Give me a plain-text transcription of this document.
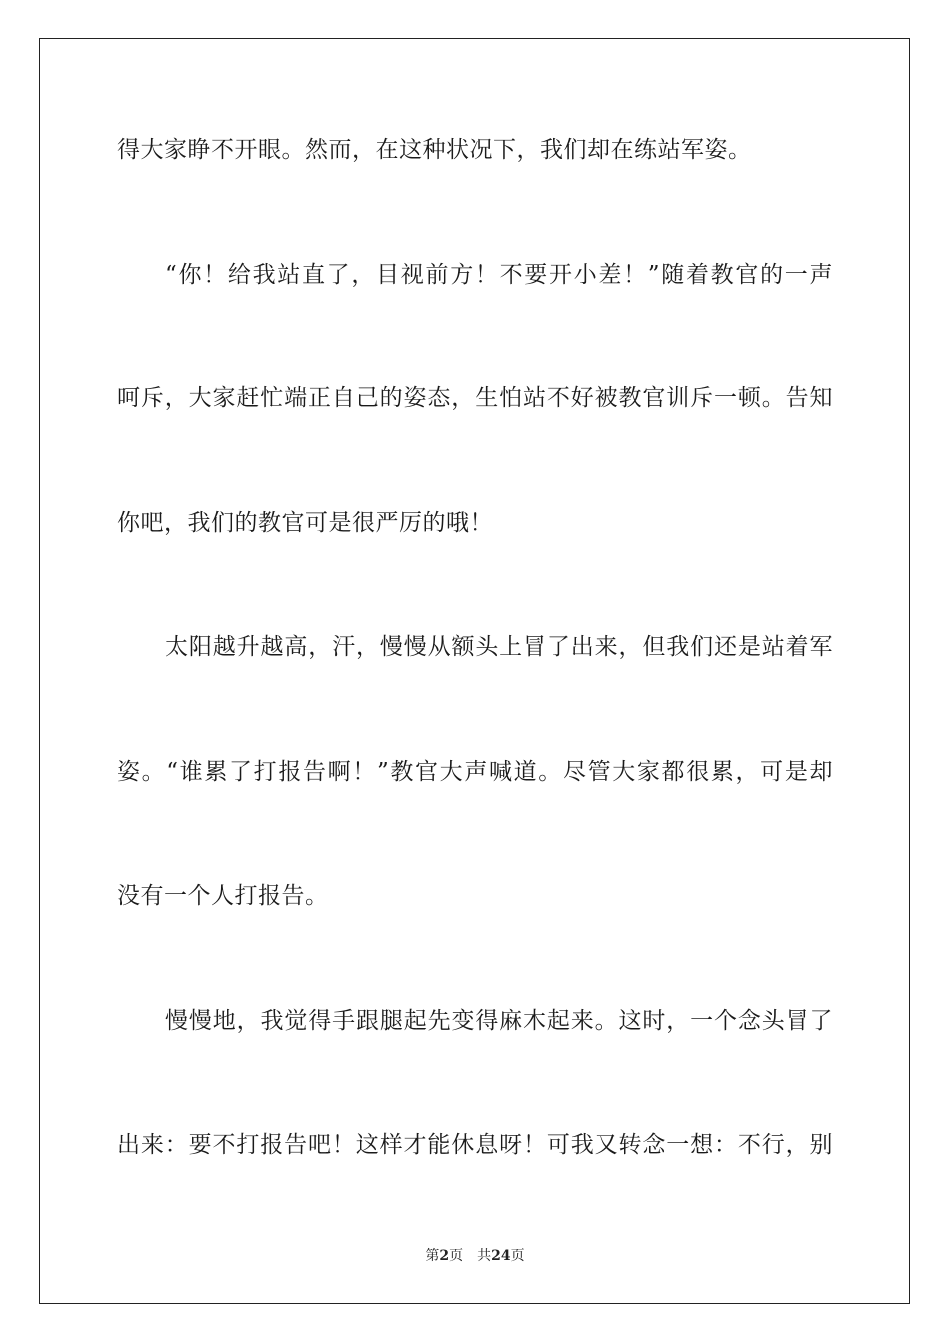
得大家睁不开眼。然而，在这种状况下，我们却在练站军姿。
“你！给我站直了，目视前方！不要开小差！”随着教官的一声
呵斥，大家赶忙端正自己的姿态，生怕站不好被教官训斥一顿。告知
你吧，我们的教官可是很严厉的哦！
太阳越升越高，汗，慢慢从额头上冒了出来，但我们还是站着军
姿。“谁累了打报告啊！”教官大声喊道。尽管大家都很累，可是却
没有一个人打报告。
慢慢地，我觉得手跟腿起先变得麻木起来。这时，一个念头冒了
出来：要不打报告吧！这样才能休息呀！可我又转念一想：不行，别
第2页 共24页
